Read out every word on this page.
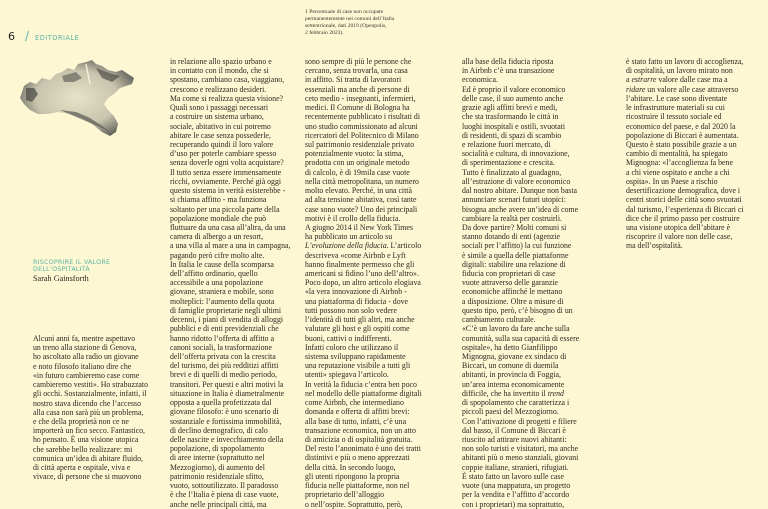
6 / EDITORIALE
1 Percentuale di case non occupate
permanentemente nei comuni dell’Italia
settentrionale, dati 2019 (Openpolis,
2 febbraio 2023).
RISCOPRIRE IL VALORE
DELL’OSPITALITÀ
Sarah Gainsforth
Alcuni anni fa, mentre aspettavo
un treno alla stazione di Genova,
ho ascoltato alla radio un giovane
e noto filosofo italiano dire che
«in futuro cambieremo case come
cambieremo vestiti». Ho strabuzzato
gli occhi. Sostanzialmente, infatti, il
nostro stava dicendo che l’accesso
alla casa non sarà più un problema,
e che della proprietà non ce ne
importerà un fico secco. Fantastico,
ho pensato. È una visione utopica
che sarebbe bello realizzare: mi
comunica un’idea di abitare fluido,
di città aperta e ospitale, viva e
vivace, di persone che si muovono
in relazione allo spazio urbano e
in contatto con il mondo, che si
spostano, cambiano casa, viaggiano,
crescono e realizzano desideri.
Ma come si realizza questa visione?
Quali sono i passaggi necessari
a costruire un sistema urbano,
sociale, abitativo in cui potremo
abitare le case senza possederle,
recuperando quindi il loro valore
d’uso per poterle cambiare spesso
senza doverle ogni volta acquistare?
Il tutto senza essere immensamente
ricchi, ovviamente. Perché già oggi
questo sistema in verità esisterebbe -
si chiama affitto - ma funziona
soltanto per una piccola parte della
popolazione mondiale che può
fluttuare da una casa all’altra, da una
camera di albergo a un resort,
a una villa al mare a una in campagna,
pagando però cifre molto alte.
In Italia le cause della scomparsa
dell’affitto ordinario, quello
accessibile a una popolazione
giovane, straniera e mobile, sono
molteplici: l’aumento della quota
di famiglie proprietarie negli ultimi
decenni, i piani di vendita di alloggi
pubblici e di enti previdenziali che
hanno ridotto l’offerta di affitto a
canoni sociali, la trasformazione
dell’offerta privata con la crescita
del turismo, dei più redditizi affitti
brevi e di quelli di medio periodo,
transitori. Per questi e altri motivi la
situazione in Italia è diametralmente
opposta a quella profetizzata dal
giovane filosofo: è uno scenario di
sostanziale e fortissima immobilità,
di declino demografico, di calo
delle nascite e invecchiamento della
popolazione, di spopolamento
di aree interne (soprattutto nel
Mezzogiorno), di aumento del
patrimonio residenziale sfitto,
vuoto, sottoutilizzato. Il paradosso
è che l’Italia è piena di case vuote,
anche nelle principali città, ma
sono sempre di più le persone che
cercano, senza trovarla, una casa
in affitto. Si tratta di lavoratori
essenziali ma anche di persone di
ceto medio - insegnanti, infermieri,
medici. Il Comune di Bologna ha
recentemente pubblicato i risultati di
uno studio commissionato ad alcuni
ricercatori del Politecnico di Milano
sul patrimonio residenziale privato
potenzialmente vuoto: la stima,
prodotta con un originale metodo
di calcolo, è di 19mila case vuote
nella città metropolitana, un numero
molto elevato. Perché, in una città
ad alta tensione abitativa, così tante
case sono vuote? Uno dei principali
motivi è il crollo della fiducia.
A giugno 2014 il New York Times
ha pubblicato un articolo su
L’evoluzione della fiducia. L’articolo
descriveva «come Airbnb e Lyft
hanno finalmente permesso che gli
americani si fidino l’uno dell’altro».
Poco dopo, un altro articolo elogiava
«la vera innovazione di Airbnb -
una piattaforma di fiducia - dove
tutti possono non solo vedere
l’identità di tutti gli altri, ma anche
valutare gli host e gli ospiti come
buoni, cattivi o indifferenti.
Infatti coloro che utilizzano il
sistema sviluppano rapidamente
una reputazione visibile a tutti gli
utenti» spiegava l’articolo.
In verità la fiducia c’entra ben poco
nel modello delle piattaforme digitali
come Airbnb, che intermediano
domanda e offerta di affitti brevi:
alla base di tutto, infatti, c’è una
transazione economica, non un atto
di amicizia o di ospitalità gratuita.
Del resto l’anonimato è uno dei tratti
distintivi e più o meno apprezzati
della città. In secondo luogo,
gli utenti ripongono la propria
fiducia nelle piattaforme, non nel
proprietario dell’alloggio
o nell’ospite. Soprattutto, però,
alla base della fiducia riposta
in Airbnb c’è una transazione
economica.
Ed è proprio il valore economico
delle case, il suo aumento anche
grazie agli affitti brevi e medi,
che sta trasformando le città in
luoghi inospitali e ostili, svuotati
di residenti, di spazi di scambio
e relazione fuori mercato, di
socialità e cultura, di innovazione,
di sperimentazione e crescita.
Tutto è finalizzato al guadagno,
all’estrazione di valore economico
dal nostro abitare. Dunque non basta
annunciare scenari futuri utopici:
bisogna anche avere un’idea di come
cambiare la realtà per costruirli.
Da dove partire? Molti comuni si
stanno dotando di enti (agenzie
sociali per l’affitto) la cui funzione
è simile a quella delle piattaforme
digitali: stabilire una relazione di
fiducia con proprietari di case
vuote attraverso delle garanzie
economiche affinché le mettano
a disposizione. Oltre a misure di
questo tipo, però, c’è bisogno di un
cambiamento culturale.
«C’è un lavoro da fare anche sulla
comunità, sulla sua capacità di essere
ospitale», ha detto Gianfilippo
Mignogna, giovane ex sindaco di
Biccari, un comune di duemila
abitanti, in provincia di Foggia,
un’area interna economicamente
difficile, che ha invertito il trend
di spopolamento che caratterizza i
piccoli paesi del Mezzogiorno.
Con l’attivazione di progetti e filiere
dal basso, il Comune di Biccari è
riuscito ad attirare nuovi abitanti:
non solo turisti e visitatori, ma anche
abitanti più o meno stanziali, giovani
coppie italiane, stranieri, rifugiati.
È stato fatto un lavoro sulle case
vuote (una mappatura, un progetto
per la vendita e l’affitto d’accordo
con i proprietari) ma soprattutto,
è stato fatto un lavoro di accoglienza,
di ospitalità, un lavoro mirato non
a estrarre valore dalle case ma a
ridare un valore alle case attraverso
l’abitare. Le case sono diventate
le infrastrutture materiali su cui
ricostruire il tessuto sociale ed
economico del paese, e dal 2020 la
popolazione di Biccari è aumentata.
Questo è stato possibile grazie a un
cambio di mentalità, ha spiegato
Mignogna: «l’accoglienza fa bene
a chi viene ospitato e anche a chi
ospita». In un Paese a rischio
desertificazione demografica, dove i
centri storici delle città sono svuotati
dal turismo, l’esperienza di Biccari ci
dice che il primo passo per costruire
una visione utopica dell’abitare è
riscoprire il valore non delle case,
ma dell’ospitalità.
